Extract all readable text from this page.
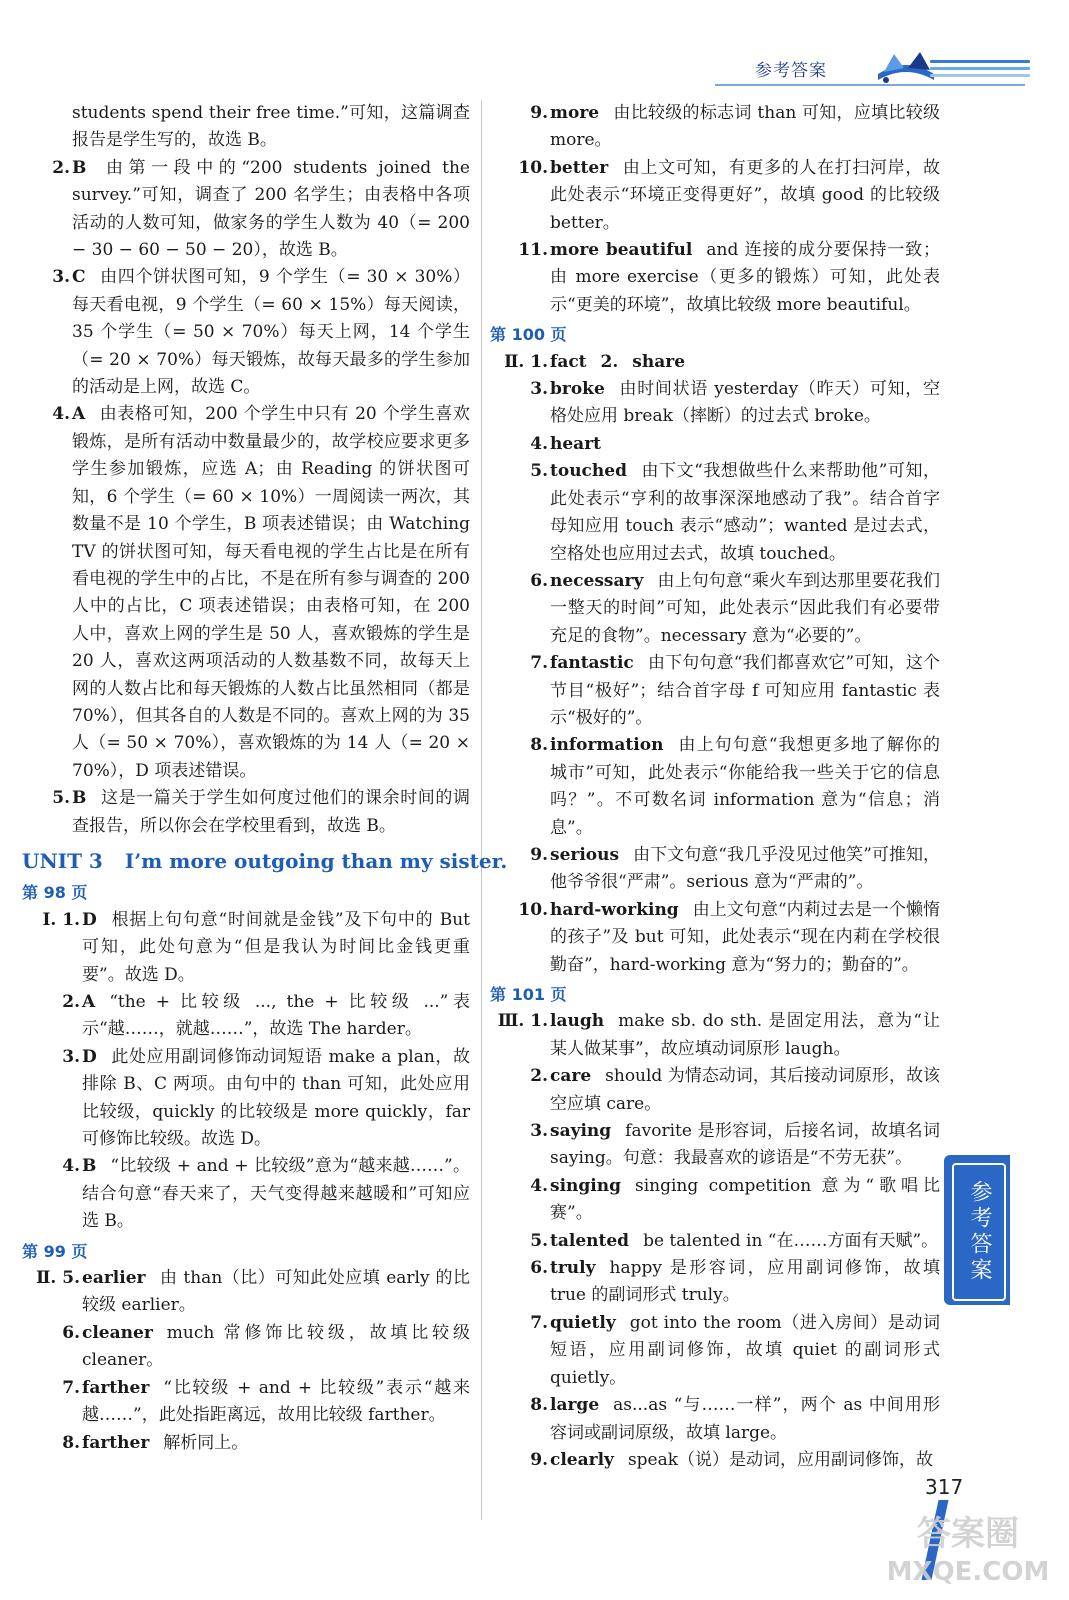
参考答案

students spend their free time.”可知，这篇调查报告是学生写的，故选 B。

2. B 由第一段中的“200 students joined the survey.”可知，调查了 200 名学生；由表格中各项活动的人数可知，做家务的学生人数为 40（= 200 − 30 − 60 − 50 − 20），故选 B。

3. C 由四个饼状图可知，9 个学生（= 30 × 30%）每天看电视，9 个学生（= 60 × 15%）每天阅读，35 个学生（= 50 × 70%）每天上网，14 个学生（= 20 × 70%）每天锻炼，故每天最多的学生参加的活动是上网，故选 C。

4. A 由表格可知，200 个学生中只有 20 个学生喜欢锻炼，是所有活动中数量最少的，故学校应要求更多学生参加锻炼，应选 A；由 Reading 的饼状图可知，6 个学生（= 60 × 10%）一周阅读一两次，其数量不是 10 个学生，B 项表述错误；由 Watching TV 的饼状图可知，每天看电视的学生占比是在所有看电视的学生中的占比，不是在所有参与调查的 200 人中的占比，C 项表述错误；由表格可知，在 200 人中，喜欢上网的学生是 50 人，喜欢锻炼的学生是 20 人，喜欢这两项活动的人数基数不同，故每天上网的人数占比和每天锻炼的人数占比虽然相同（都是 70%），但其各自的人数是不同的。喜欢上网的为 35 人（= 50 × 70%），喜欢锻炼的为 14 人（= 20 × 70%），D 项表述错误。

5. B 这是一篇关于学生如何度过他们的课余时间的调查报告，所以你会在学校里看到，故选 B。

UNIT 3 I’m more outgoing than my sister.
第 98 页

Ⅰ. 1. D 根据上句句意“时间就是金钱”及下句中的 But 可知，此处句意为“但是我认为时间比金钱更重要”。故选 D。

2. A “the + 比较级 ..., the + 比较级 ...”表示“越……，就越……”，故选 The harder。

3. D 此处应用副词修饰动词短语 make a plan，故排除 B、C 两项。由句中的 than 可知，此处应用比较级，quickly 的比较级是 more quickly，far 可修饰比较级。故选 D。

4. B “比较级 + and + 比较级”意为“越来越……”。结合句意“春天来了，天气变得越来越暖和”可知应选 B。

第 99 页

Ⅱ. 5. earlier 由 than（比）可知此处应填 early 的比较级 earlier。

6. cleaner much 常修饰比较级，故填比较级 cleaner。

7. farther “比较级 + and + 比较级”表示“越来越……”，此处指距离远，故用比较级 farther。

8. farther 解析同上。

9. more 由比较级的标志词 than 可知，应填比较级 more。

10. better 由上文可知，有更多的人在打扫河岸，故此处表示“环境正变得更好”，故填 good 的比较级 better。

11. more beautiful and 连接的成分要保持一致；由 more exercise（更多的锻炼）可知，此处表示“更美的环境”，故填比较级 more beautiful。

第 100 页

Ⅱ. 1. fact 2. share

3. broke 由时间状语 yesterday（昨天）可知，空格处应用 break（摔断）的过去式 broke。

4. heart

5. touched 由下文“我想做些什么来帮助他”可知，此处表示“亨利的故事深深地感动了我”。结合首字母知应用 touch 表示“感动”；wanted 是过去式，空格处也应用过去式，故填 touched。

6. necessary 由上句句意“乘火车到达那里要花我们一整天的时间”可知，此处表示“因此我们有必要带充足的食物”。necessary 意为“必要的”。

7. fantastic 由下句句意“我们都喜欢它”可知，这个节目“极好”；结合首字母 f 可知应用 fantastic 表示“极好的”。

8. information 由上句句意“我想更多地了解你的城市”可知，此处表示“你能给我一些关于它的信息吗？”。不可数名词 information 意为“信息；消息”。

9. serious 由下文句意“我几乎没见过他笑”可推知，他爷爷很“严肃”。serious 意为“严肃的”。

10. hard-working 由上文句意“内莉过去是一个懒惰的孩子”及 but 可知，此处表示“现在内莉在学校很勤奋”，hard-working 意为“努力的；勤奋的”。

第 101 页

Ⅲ. 1. laugh make sb. do sth. 是固定用法，意为“让某人做某事”，故应填动词原形 laugh。

2. care should 为情态动词，其后接动词原形，故该空应填 care。

3. saying favorite 是形容词，后接名词，故填名词 saying。句意：我最喜欢的谚语是“不劳无获”。

4. singing singing competition 意为“歌唱比赛”。

5. talented be talented in “在……方面有天赋”。

6. truly happy 是形容词，应用副词修饰，故填 true 的副词形式 truly。

7. quietly got into the room（进入房间）是动词短语，应用副词修饰，故填 quiet 的副词形式 quietly。

8. large as...as “与……一样”，两个 as 中间用形容词或副词原级，故填 large。

9. clearly speak（说）是动词，应用副词修饰，故

参考答案
317
答案圈
MXQE.COM
